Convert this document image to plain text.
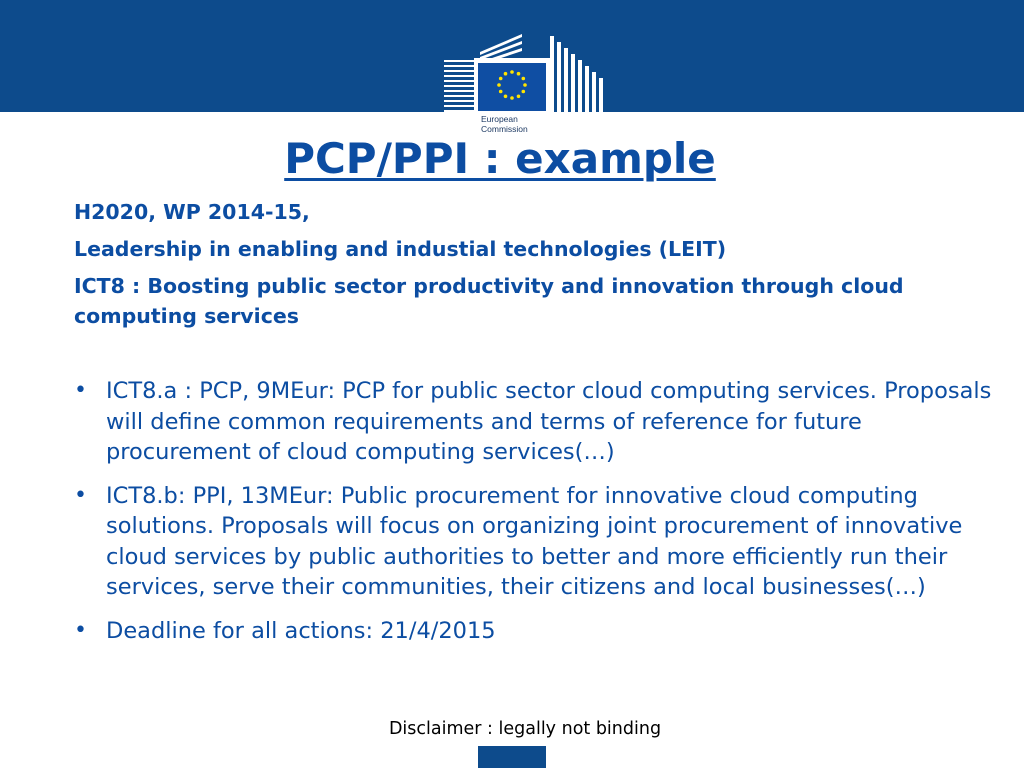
European
Commission
PCP/PPI : example

H2020, WP 2014-15,

Leadership in enabling and industial technologies (LEIT)

ICT8 : Boosting public sector productivity and innovation through cloud computing services

• ICT8.a : PCP, 9MEur: PCP for public sector cloud computing services. Proposals will define common requirements and terms of reference for future procurement of cloud computing services(…)
• ICT8.b: PPI, 13MEur: Public procurement for innovative cloud computing solutions. Proposals will focus on organizing joint procurement of innovative cloud services by public authorities to better and more efficiently run their services, serve their communities, their citizens and local businesses(…)
• Deadline for all actions: 21/4/2015
Disclaimer : legally not binding
